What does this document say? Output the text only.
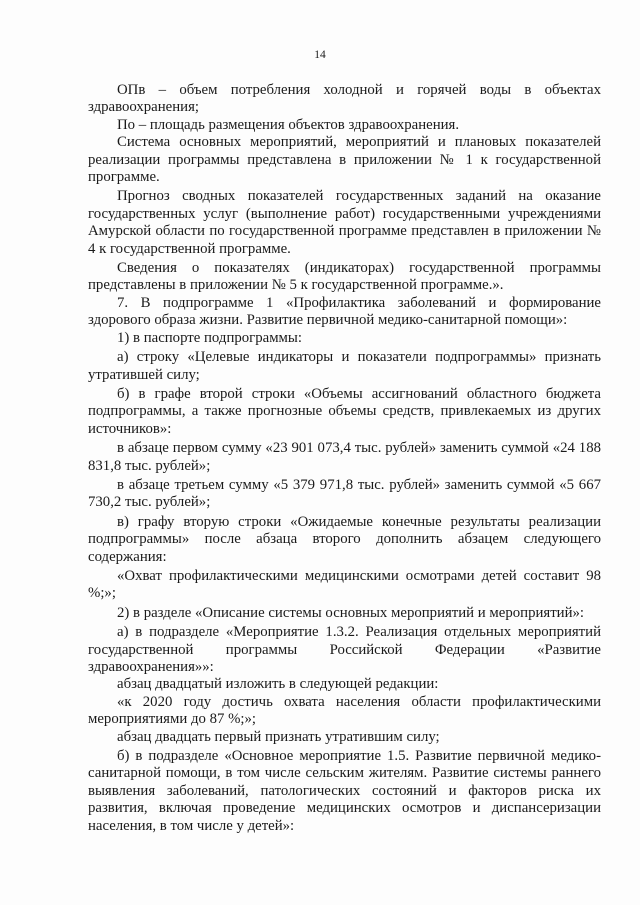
14

ОПв – объем потребления холодной и горячей воды в объектах здравоохранения;

По – площадь размещения объектов здравоохранения.

Система основных мероприятий, мероприятий и плановых показателей реализации программы представлена в приложении № 1 к государственной программе.

Прогноз сводных показателей государственных заданий на оказание государственных услуг (выполнение работ) государственными учреждениями Амурской области по государственной программе представлен в приложении № 4 к государственной программе.

Сведения о показателях (индикаторах) государственной программы представлены в приложении № 5 к государственной программе.».

7. В подпрограмме 1 «Профилактика заболеваний и формирование здорового образа жизни. Развитие первичной медико-санитарной помощи»:

1) в паспорте подпрограммы:

а) строку «Целевые индикаторы и показатели подпрограммы» признать утратившей силу;

б) в графе второй строки «Объемы ассигнований областного бюджета подпрограммы, а также прогнозные объемы средств, привлекаемых из других источников»:

в абзаце первом сумму «23 901 073,4 тыс. рублей» заменить суммой «24 188 831,8 тыс. рублей»;

в абзаце третьем сумму «5 379 971,8 тыс. рублей» заменить суммой «5 667 730,2 тыс. рублей»;

в) графу вторую строки «Ожидаемые конечные результаты реализации подпрограммы» после абзаца второго дополнить абзацем следующего содержания:

«Охват профилактическими медицинскими осмотрами детей составит 98 %;»;

2) в разделе «Описание системы основных мероприятий и мероприятий»:

а) в подразделе «Мероприятие 1.3.2. Реализация отдельных мероприятий государственной программы Российской Федерации «Развитие здравоохранения»»:

абзац двадцатый изложить в следующей редакции:

«к 2020 году достичь охвата населения области профилактическими мероприятиями до 87 %;»;

абзац двадцать первый признать утратившим силу;

б) в подразделе «Основное мероприятие 1.5. Развитие первичной медико-санитарной помощи, в том числе сельским жителям. Развитие системы раннего выявления заболеваний, патологических состояний и факторов риска их развития, включая проведение медицинских осмотров и диспансеризации населения, в том числе у детей»:
